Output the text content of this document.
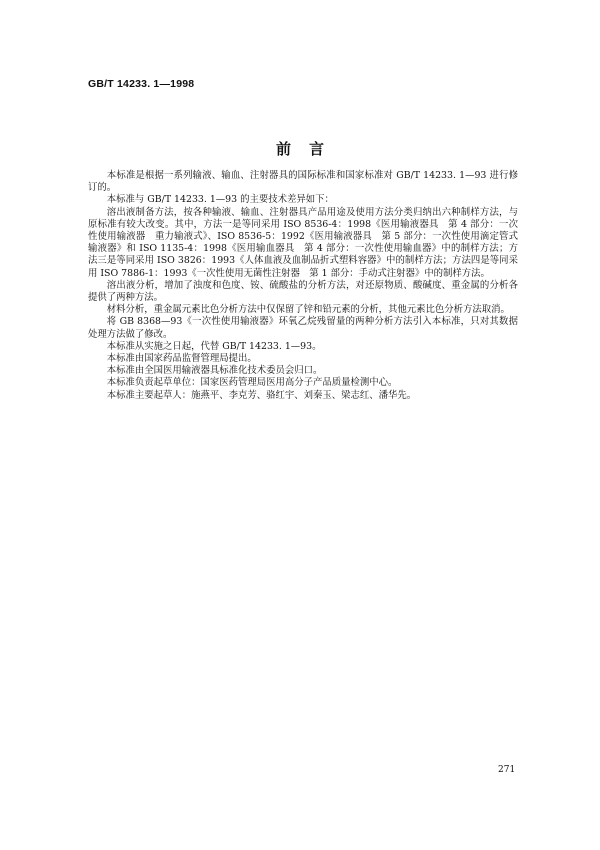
GB/T 14233. 1—1998
前言

本标准是根据一系列输液、输血、注射器具的国际标准和国家标准对 GB/T 14233. 1—93 进行修订的。

本标准与 GB/T 14233. 1—93 的主要技术差异如下：

溶出液制备方法，按各种输液、输血、注射器具产品用途及使用方法分类归纳出六种制样方法，与原标准有较大改变。其中，方法一是等同采用 ISO 8536-4：1998《医用输液器具　第 4 部分：一次性使用输液器　重力输液式》、ISO 8536-5：1992《医用输液器具　第 5 部分：一次性使用滴定管式输液器》和 ISO 1135-4：1998《医用输血器具　第 4 部分：一次性使用输血器》中的制样方法；方法三是等同采用 ISO 3826：1993《人体血液及血制品折式塑料容器》中的制样方法；方法四是等同采用 ISO 7886-1：1993《一次性使用无菌性注射器　第 1 部分：手动式注射器》中的制样方法。

溶出液分析，增加了浊度和色度、铵、硫酸盐的分析方法，对还原物质、酸碱度、重金属的分析各提供了两种方法。

材料分析，重金属元素比色分析方法中仅保留了锌和铅元素的分析，其他元素比色分析方法取消。

将 GB 8368—93《一次性使用输液器》环氧乙烷残留量的两种分析方法引入本标准，只对其数据处理方法做了修改。

本标准从实施之日起，代替 GB/T 14233. 1—93。

本标准由国家药品监督管理局提出。

本标准由全国医用输液器具标准化技术委员会归口。

本标准负责起草单位：国家医药管理局医用高分子产品质量检测中心。

本标准主要起草人：施燕平、李克芳、骆红宇、刘秦玉、梁志红、潘华先。

271
